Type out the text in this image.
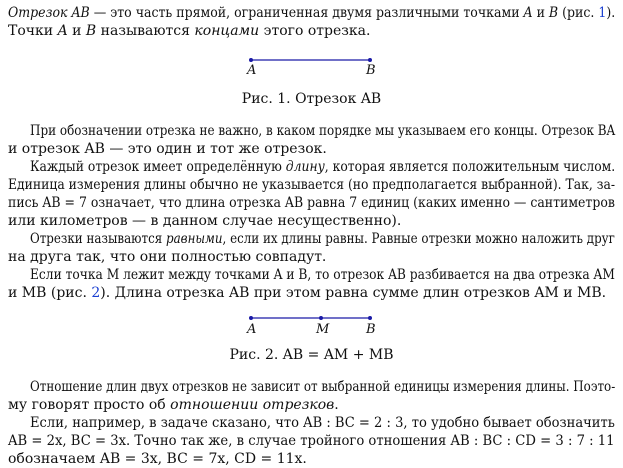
Отрезок AB — это часть прямой, ограниченная двумя различными точками A и B (рис. 1).
Точки A и B называются концами этого отрезка.
A	B
Рис. 1. Отрезок AB
При обозначении отрезка не важно, в каком порядке мы указываем его концы. Отрезок BA
и отрезок AB — это один и тот же отрезок.
Каждый отрезок имеет определённую длину, которая является положительным числом.
Единица измерения длины обычно не указывается (но предполагается выбранной). Так, за-
пись AB = 7 означает, что длина отрезка AB равна 7 единиц (каких именно — сантиметров
или километров — в данном случае несущественно).
Отрезки называются равными, если их длины равны. Равные отрезки можно наложить друг
на друга так, что они полностью совпадут.
Если точка M лежит между точками A и B, то отрезок AB разбивается на два отрезка AM
и MB (рис. 2). Длина отрезка AB при этом равна сумме длин отрезков AM и MB.
A	M	B
Рис. 2. AB = AM + MB
Отношение длин двух отрезков не зависит от выбранной единицы измерения длины. Поэто-
му говорят просто об отношении отрезков.
Если, например, в задаче сказано, что AB : BC = 2 : 3, то удобно бывает обозначить
AB = 2x, BC = 3x. Точно так же, в случае тройного отношения AB : BC : CD = 3 : 7 : 11
обозначаем AB = 3x, BC = 7x, CD = 11x.
